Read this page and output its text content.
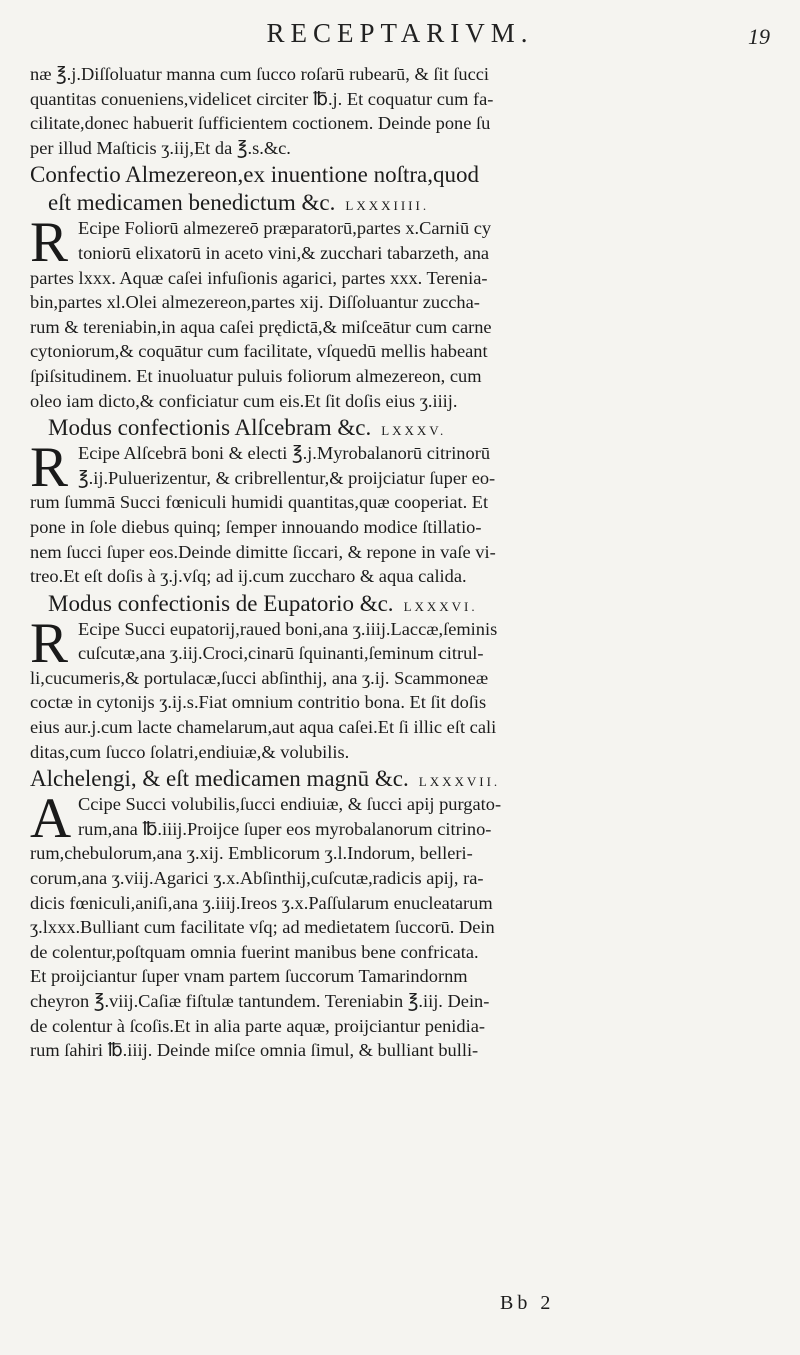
RECEPTARIVM.	19
næ ℥.j.Diſſoluatur manna cum ſucco roſarū rubearū, & ſit ſucci
quantitas conueniens,videlicet circiter ℔.j. Et coquatur cum fa-
cilitate,donec habuerit ſufficientem coctionem. Deinde pone ſu
per illud Maſticis ʒ.iij,Et da ℥.s.&c.
Confectio Almezereon,ex inuentione noſtra,quod
eſt medicamen benedictum &c. LXXXIIII.
R Ecipe Foliorū almezereō præparatorū,partes x.Carniū cy
toniorū elixatorū in aceto vini,& zucchari tabarzeth, ana
partes lxxx. Aquæ caſei infuſionis agarici, partes xxx. Terenia-
bin,partes xl.Olei almezereon,partes xij. Diſſoluantur zuccha-
rum & tereniabin,in aqua caſei prędictā,& miſceātur cum carne
cytoniorum,& coquātur cum facilitate, vſquedū mellis habeant
ſpiſsitudinem. Et inuoluatur puluis foliorum almezereon, cum
oleo iam dicto,& conficiatur cum eis.Et ſit doſis eius ʒ.iiij.
Modus confectionis Alſcebram &c. LXXXV.
R Ecipe Alſcebrā boni & electi ℥.j.Myrobalanorū citrinorū
℥.ij.Puluerizentur, & cribrellentur,& proijciatur ſuper eo-
rum ſummā Succi fœniculi humidi quantitas,quæ cooperiat. Et
pone in ſole diebus quinq; ſemper innouando modice ſtillatio-
nem ſucci ſuper eos.Deinde dimitte ſiccari, & repone in vaſe vi-
treo.Et eſt doſis à ʒ.j.vſq; ad ij.cum zuccharo & aqua calida.
Modus confectionis de Eupatorio &c. LXXXVI.
R Ecipe Succi eupatorij,raued boni,ana ʒ.iiij.Laccæ,ſeminis
cuſcutæ,ana ʒ.iij.Croci,cinarū ſquinanti,ſeminum citrul-
li,cucumeris,& portulacæ,ſucci abſinthij, ana ʒ.ij. Scammoneæ
coctæ in cytonijs ʒ.ij.s.Fiat omnium contritio bona. Et ſit doſis
eius aur.j.cum lacte chamelarum,aut aqua caſei.Et ſi illic eſt cali
ditas,cum ſucco ſolatri,endiuiæ,& volubilis.
Alchelengi, & eſt medicamen magnū &c. LXXXVII.
A Ccipe Succi volubilis,ſucci endiuiæ, & ſucci apij purgato-
rum,ana ℔.iiij.Proijce ſuper eos myrobalanorum citrino-
rum,chebulorum,ana ʒ.xij. Emblicorum ʒ.l.Indorum, belleri-
corum,ana ʒ.viij.Agarici ʒ.x.Abſinthij,cuſcutæ,radicis apij, ra-
dicis fœniculi,aniſi,ana ʒ.iiij.Ireos ʒ.x.Paſſularum enucleatarum
ʒ.lxxx.Bulliant cum facilitate vſq; ad medietatem ſuccorū. Dein
de colentur,poſtquam omnia fuerint manibus bene confricata.
Et proijciantur ſuper vnam partem ſuccorum Tamarindornm
cheyron ℥.viij.Caſiæ fiſtulæ tantundem. Tereniabin ℥.iij. Dein-
de colentur à ſcoſis.Et in alia parte aquæ, proijciantur penidia-
rum ſahiri ℔.iiij. Deinde miſce omnia ſimul, & bulliant bulli-
Bb 2
